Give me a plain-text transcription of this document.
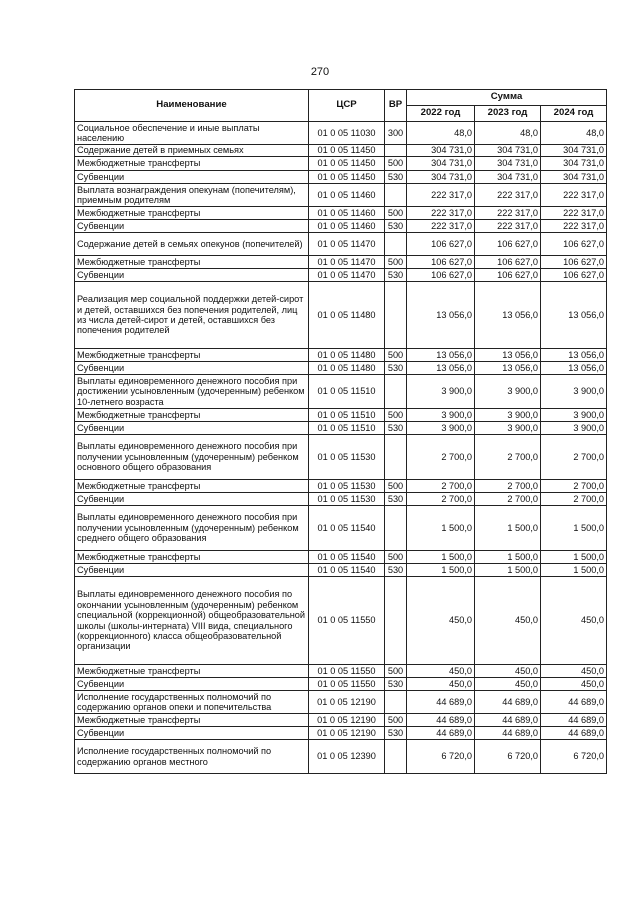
270
Наименование	ЦСР	ВР	Сумма		
			2022 год	2023 год	2024 год
Социальное обеспечение и иные выплаты населению	01 0 05 11030	300	48,0	48,0	48,0
Содержание детей в приемных семьях	01 0 05 11450		304 731,0	304 731,0	304 731,0
Межбюджетные трансферты	01 0 05 11450	500	304 731,0	304 731,0	304 731,0
Субвенции	01 0 05 11450	530	304 731,0	304 731,0	304 731,0
Выплата вознаграждения опекунам (попечителям), приемным родителям	01 0 05 11460		222 317,0	222 317,0	222 317,0
Межбюджетные трансферты	01 0 05 11460	500	222 317,0	222 317,0	222 317,0
Субвенции	01 0 05 11460	530	222 317,0	222 317,0	222 317,0
Содержание детей в семьях опекунов (попечителей)	01 0 05 11470		106 627,0	106 627,0	106 627,0
Межбюджетные трансферты	01 0 05 11470	500	106 627,0	106 627,0	106 627,0
Субвенции	01 0 05 11470	530	106 627,0	106 627,0	106 627,0
Реализация мер социальной поддержки детей-сирот и детей, оставшихся без попечения родителей, лиц из числа детей-сирот и детей, оставшихся без попечения родителей	01 0 05 11480		13 056,0	13 056,0	13 056,0
Межбюджетные трансферты	01 0 05 11480	500	13 056,0	13 056,0	13 056,0
Субвенции	01 0 05 11480	530	13 056,0	13 056,0	13 056,0
Выплаты единовременного денежного пособия при достижении усыновленным (удочеренным) ребенком 10-летнего возраста	01 0 05 11510		3 900,0	3 900,0	3 900,0
Межбюджетные трансферты	01 0 05 11510	500	3 900,0	3 900,0	3 900,0
Субвенции	01 0 05 11510	530	3 900,0	3 900,0	3 900,0
Выплаты единовременного денежного пособия при получении усыновленным (удочеренным) ребенком основного общего образования	01 0 05 11530		2 700,0	2 700,0	2 700,0
Межбюджетные трансферты	01 0 05 11530	500	2 700,0	2 700,0	2 700,0
Субвенции	01 0 05 11530	530	2 700,0	2 700,0	2 700,0
Выплаты единовременного денежного пособия при получении усыновленным (удочеренным) ребенком среднего общего образования	01 0 05 11540		1 500,0	1 500,0	1 500,0
Межбюджетные трансферты	01 0 05 11540	500	1 500,0	1 500,0	1 500,0
Субвенции	01 0 05 11540	530	1 500,0	1 500,0	1 500,0
Выплаты единовременного денежного пособия по окончании усыновленным (удочеренным) ребенком специальной (коррекционной) общеобразовательной школы (школы-интерната) VIII вида, специального (коррекционного) класса общеобразовательной организации	01 0 05 11550		450,0	450,0	450,0
Межбюджетные трансферты	01 0 05 11550	500	450,0	450,0	450,0
Субвенции	01 0 05 11550	530	450,0	450,0	450,0
Исполнение государственных полномочий по содержанию органов опеки и попечительства	01 0 05 12190		44 689,0	44 689,0	44 689,0
Межбюджетные трансферты	01 0 05 12190	500	44 689,0	44 689,0	44 689,0
Субвенции	01 0 05 12190	530	44 689,0	44 689,0	44 689,0
Исполнение государственных полномочий по содержанию органов местного	01 0 05 12390		6 720,0	6 720,0	6 720,0
